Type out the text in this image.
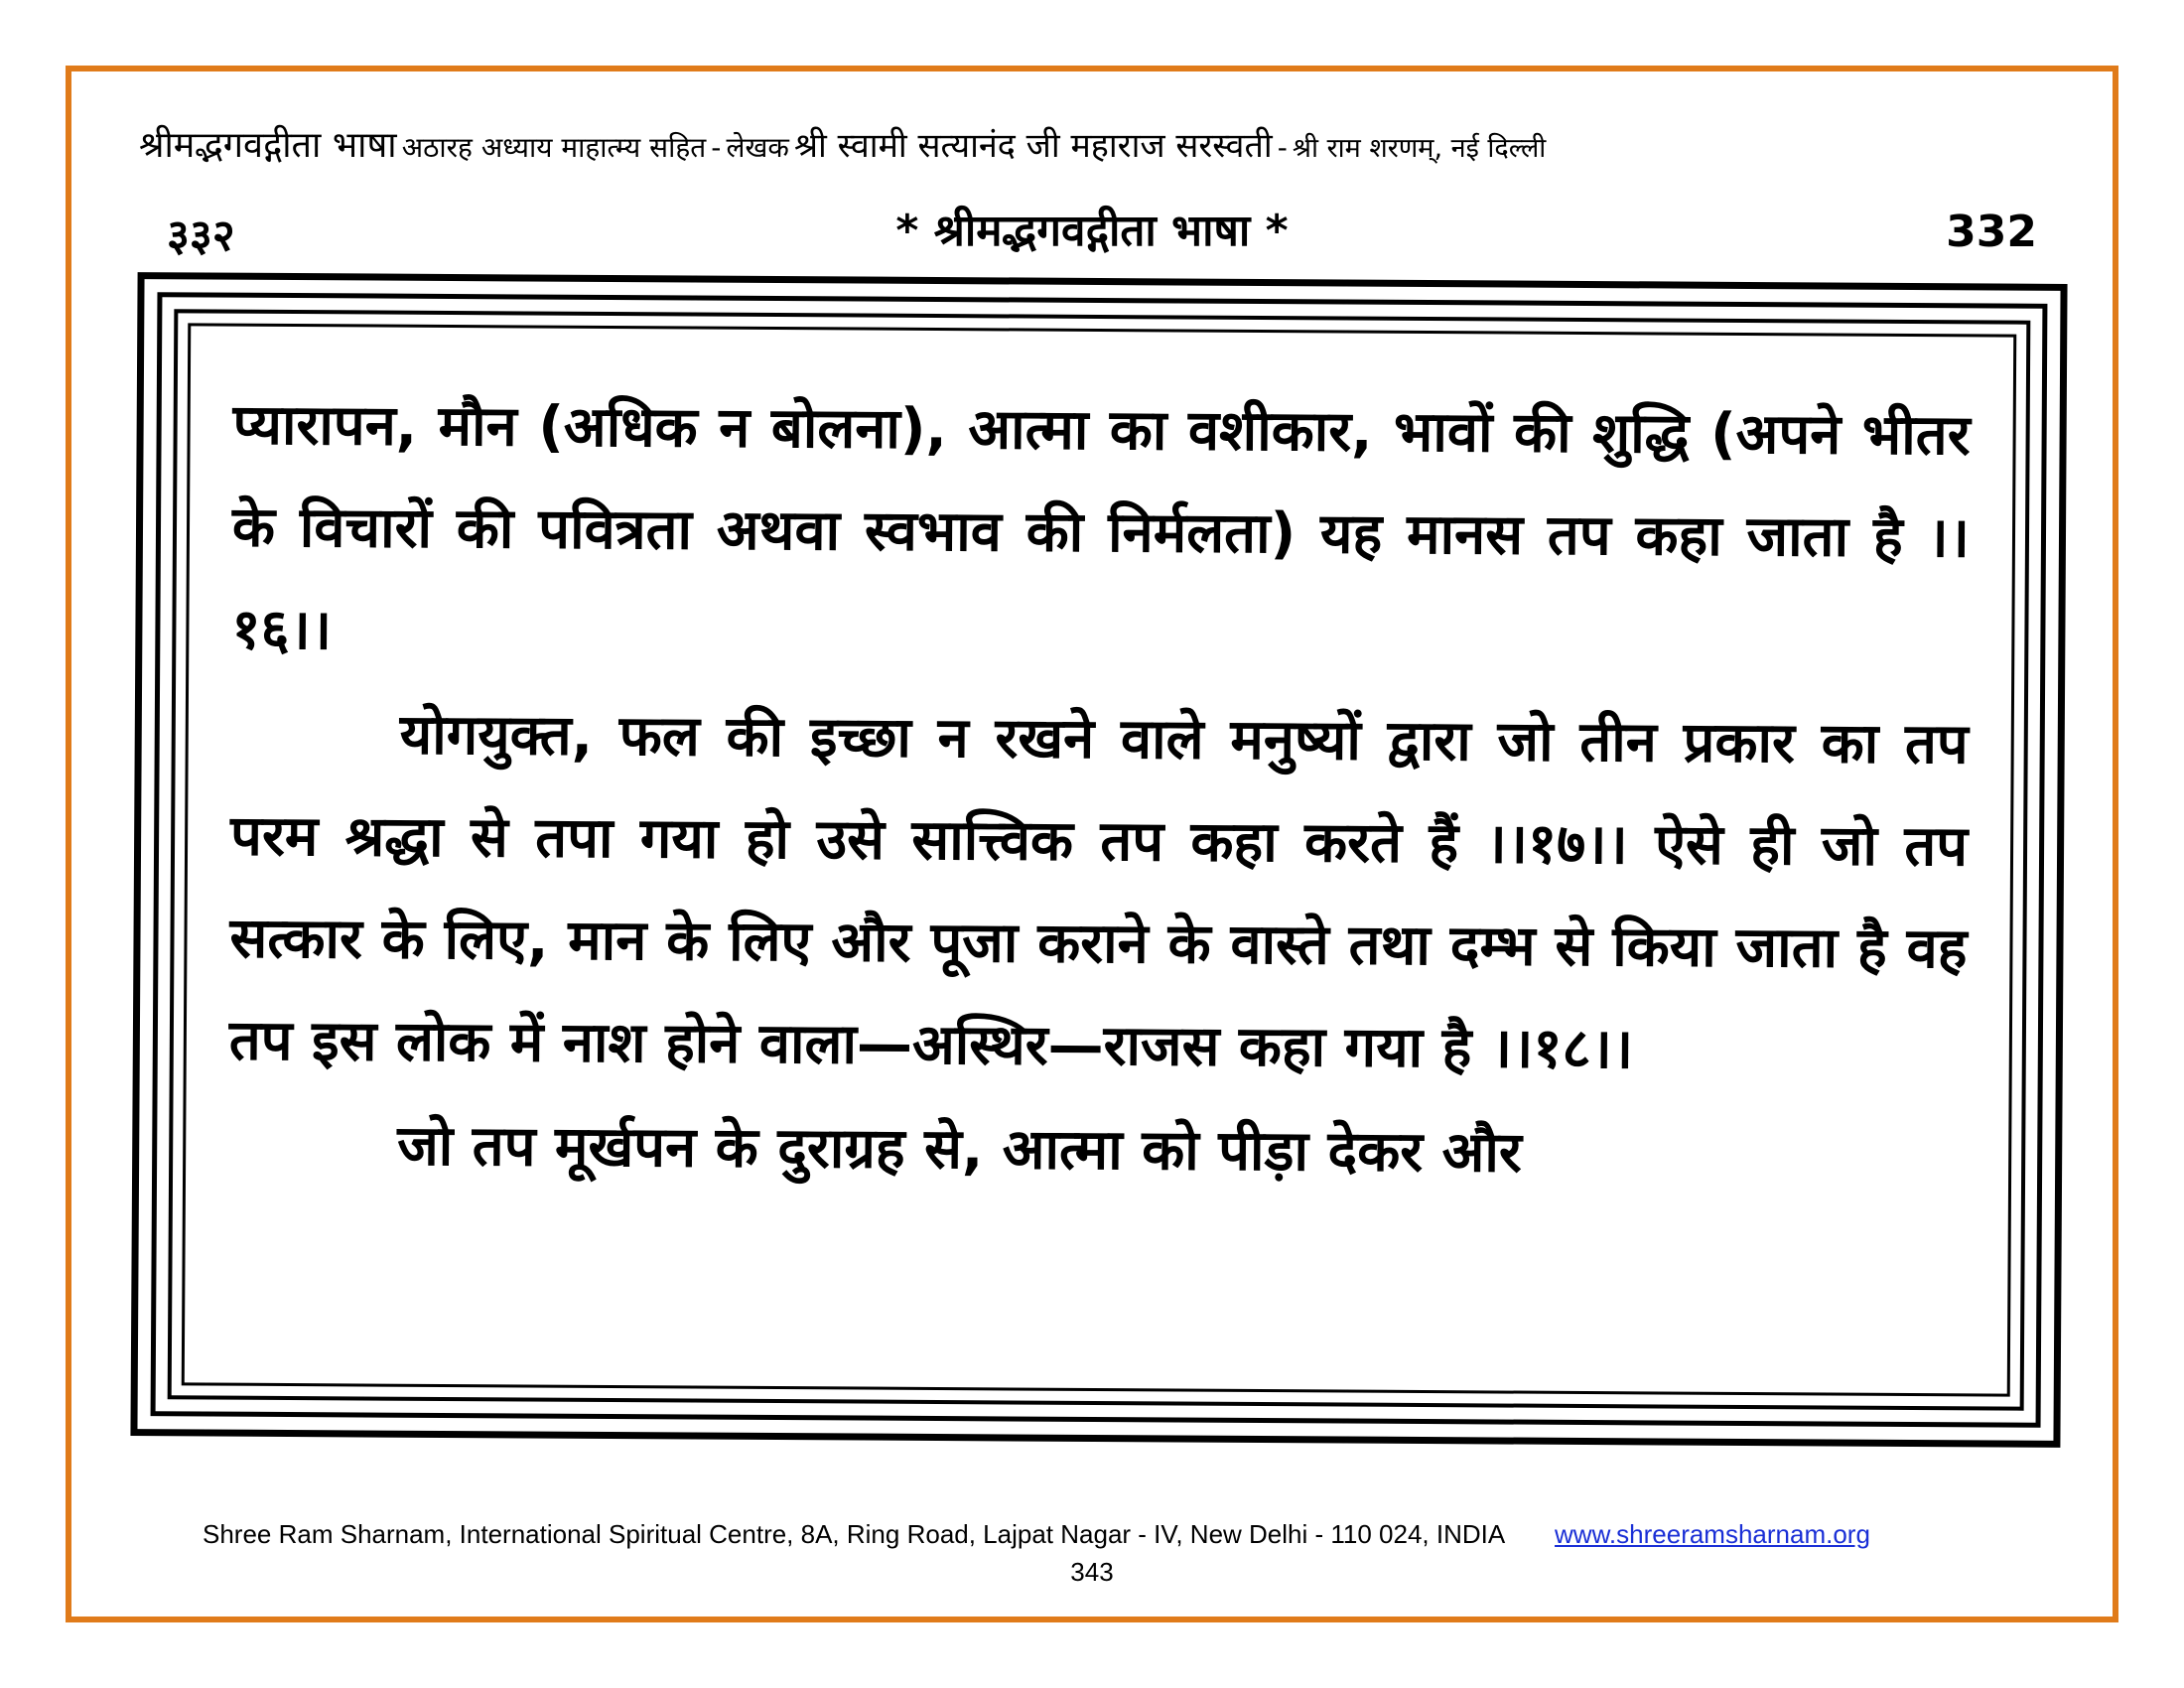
श्रीमद्भगवद्गीता भाषा अठारह अध्याय माहात्म्य सहित - लेखक श्री स्वामी सत्यानंद जी महाराज सरस्वती - श्री राम शरणम्, नई दिल्ली
३३२	* श्रीमद्भगवद्गीता भाषा *	332

प्यारापन, मौन (अधिक न बोलना), आत्मा का वशीकार, भावों की शुद्धि (अपने भीतर के विचारों की पवित्रता अथवा स्वभाव की निर्मलता) यह मानस तप कहा जाता है ।।१६।।

योगयुक्त, फल की इच्छा न रखने वाले मनुष्यों द्वारा जो तीन प्रकार का तप परम श्रद्धा से तपा गया हो उसे सात्त्विक तप कहा करते हैं ।।१७।। ऐसे ही जो तप सत्कार के लिए, मान के लिए और पूजा कराने के वास्ते तथा दम्भ से किया जाता है वह तप इस लोक में नाश होने वाला—अस्थिर—राजस कहा गया है ।।१८।।

जो तप मूर्खपन के दुराग्रह से, आत्मा को पीड़ा देकर और

Shree Ram Sharnam, International Spiritual Centre, 8A, Ring Road, Lajpat Nagar - IV, New Delhi - 110 024, INDIA www.shreeramsharnam.org
343
